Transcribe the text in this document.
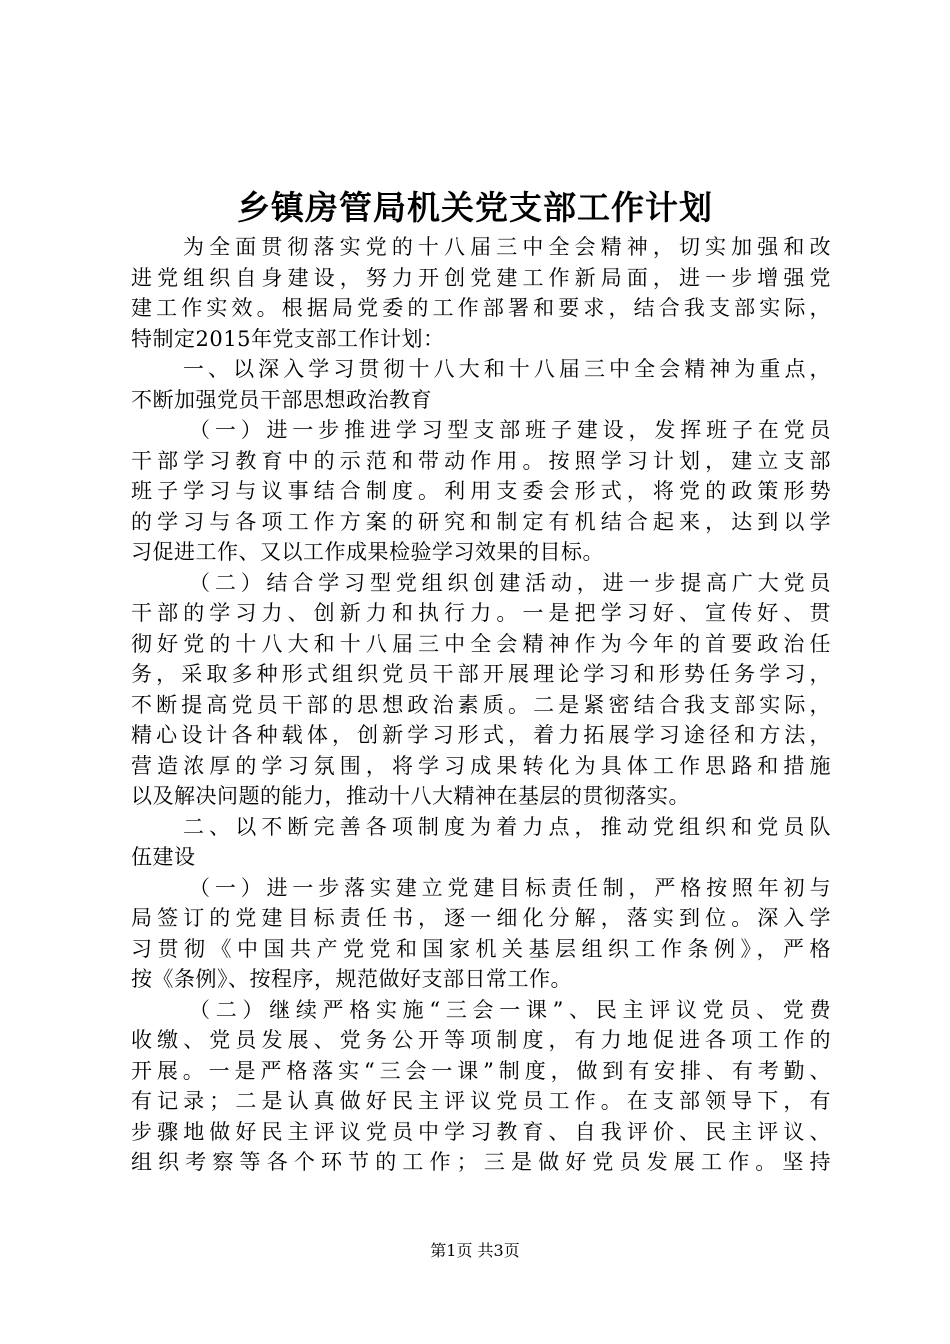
乡镇房管局机关党支部工作计划
为全面贯彻落实党的十八届三中全会精神，切实加强和改
进党组织自身建设，努力开创党建工作新局面，进一步增强党
建工作实效。根据局党委的工作部署和要求，结合我支部实际，
特制定2015年党支部工作计划：
一、以深入学习贯彻十八大和十八届三中全会精神为重点，
不断加强党员干部思想政治教育
（一）进一步推进学习型支部班子建设，发挥班子在党员
干部学习教育中的示范和带动作用。按照学习计划，建立支部
班子学习与议事结合制度。利用支委会形式，将党的政策形势
的学习与各项工作方案的研究和制定有机结合起来，达到以学
习促进工作、又以工作成果检验学习效果的目标。
（二）结合学习型党组织创建活动，进一步提高广大党员
干部的学习力、创新力和执行力。一是把学习好、宣传好、贯
彻好党的十八大和十八届三中全会精神作为今年的首要政治任
务，采取多种形式组织党员干部开展理论学习和形势任务学习，
不断提高党员干部的思想政治素质。二是紧密结合我支部实际，
精心设计各种载体，创新学习形式，着力拓展学习途径和方法，
营造浓厚的学习氛围，将学习成果转化为具体工作思路和措施
以及解决问题的能力，推动十八大精神在基层的贯彻落实。
二、以不断完善各项制度为着力点，推动党组织和党员队
伍建设
（一）进一步落实建立党建目标责任制，严格按照年初与
局签订的党建目标责任书，逐一细化分解，落实到位。深入学
习贯彻《中国共产党党和国家机关基层组织工作条例》，严格
按《条例》、按程序，规范做好支部日常工作。
（二）继续严格实施“三会一课”、民主评议党员、党费
收缴、党员发展、党务公开等项制度，有力地促进各项工作的
开展。一是严格落实“三会一课”制度，做到有安排、有考勤、
有记录；二是认真做好民主评议党员工作。在支部领导下，有
步骤地做好民主评议党员中学习教育、自我评价、民主评议、
组织考察等各个环节的工作；三是做好党员发展工作。坚持
第1页 共3页
